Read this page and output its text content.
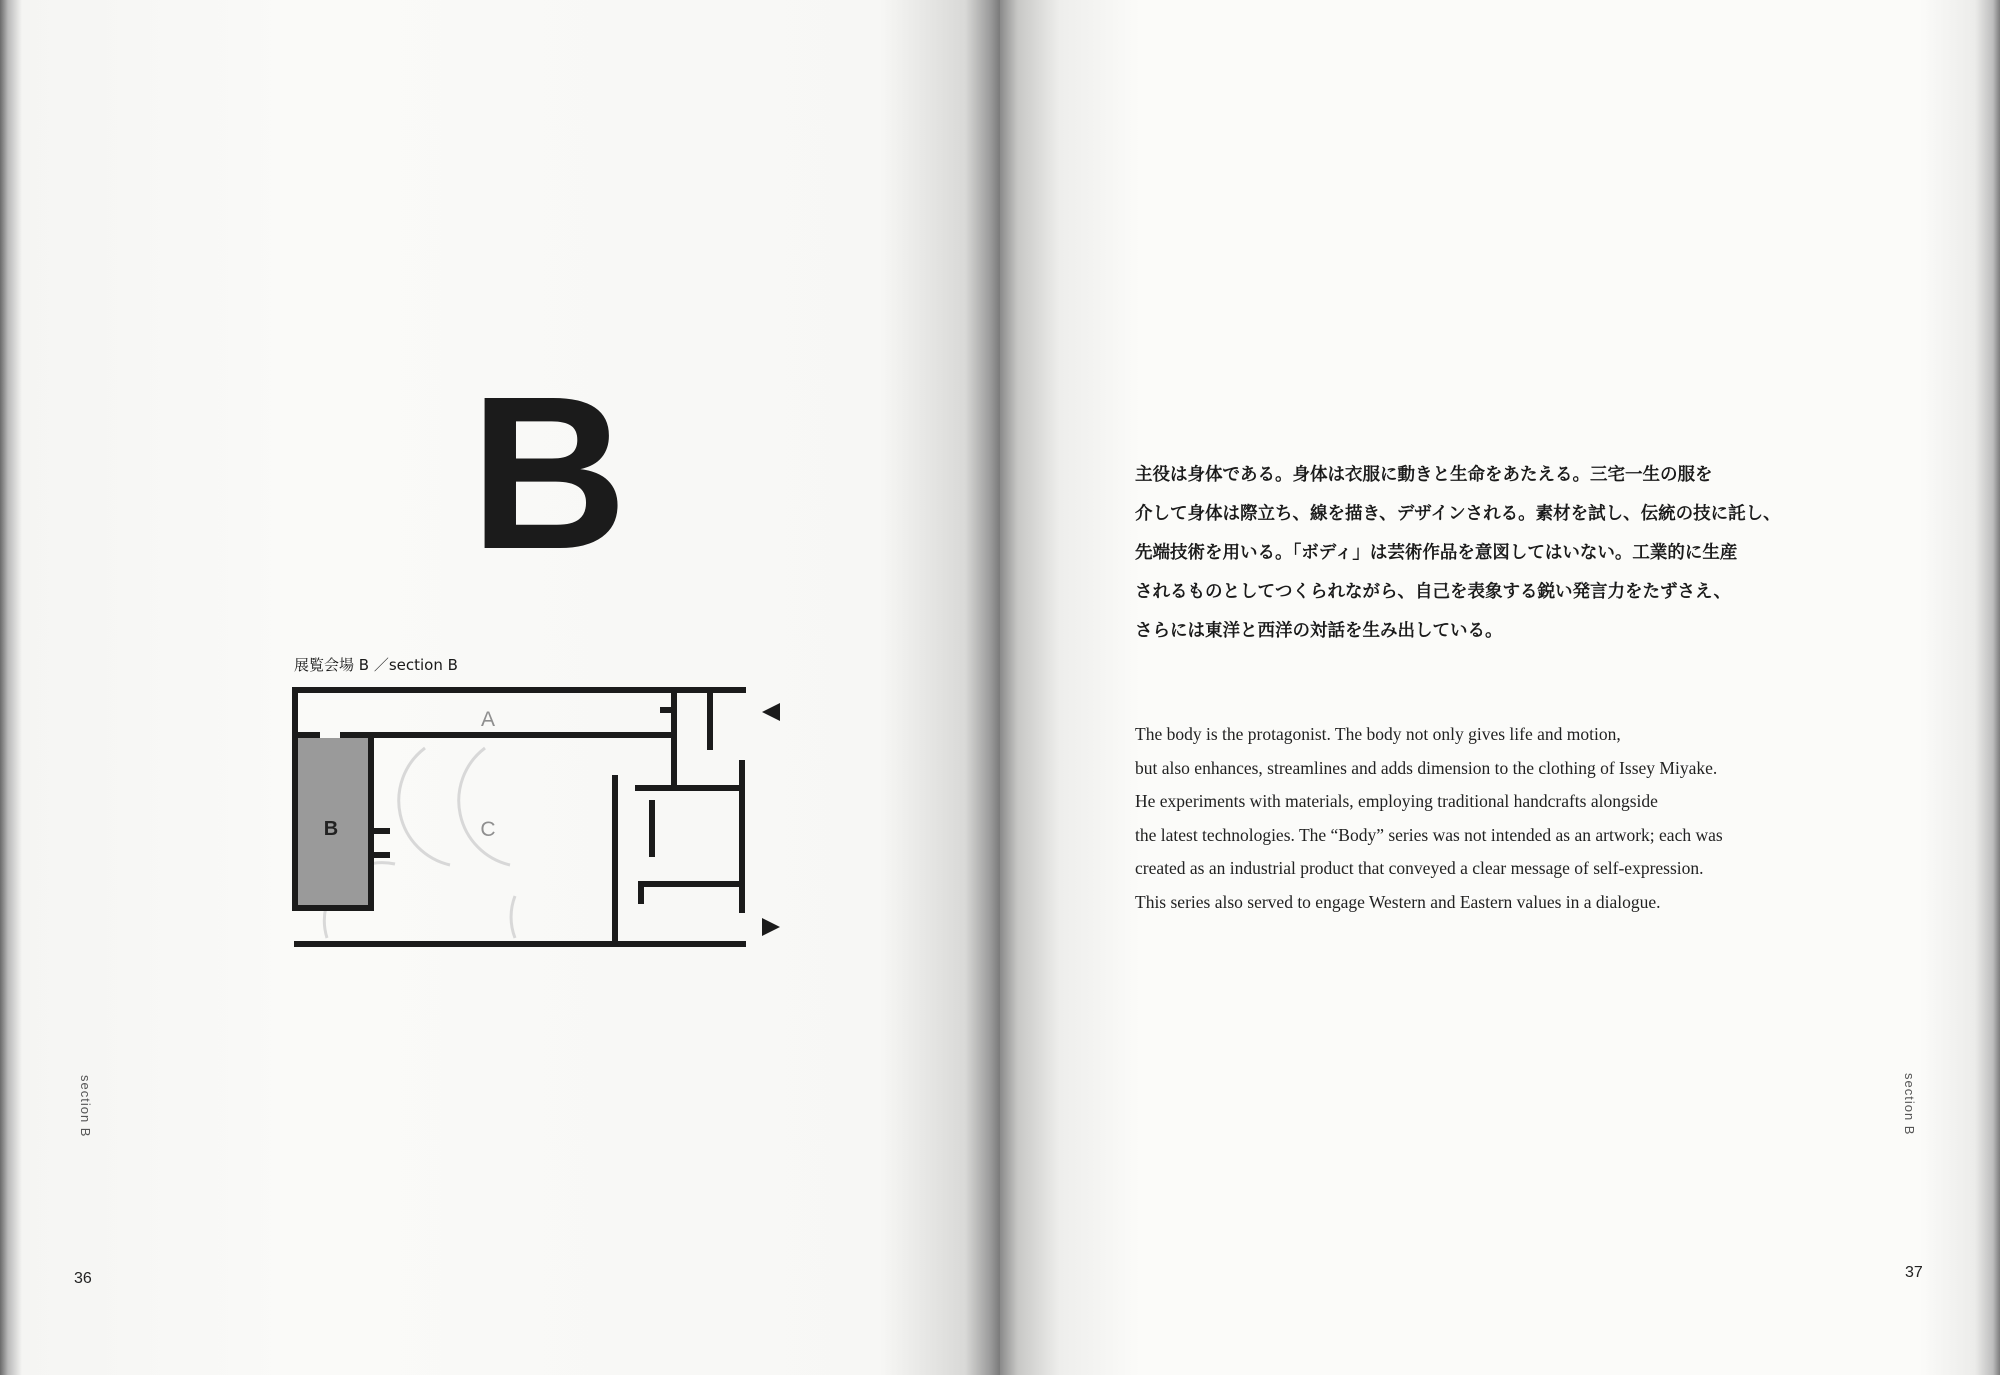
B
展覧会場 B ／section B
A
B	C
section B
36
主役は身体である。身体は衣服に動きと生命をあたえる。三宅一生の服を
介して身体は際立ち、線を描き、デザインされる。素材を試し、伝統の技に託し、
先端技術を用いる。「ボディ」は芸術作品を意図してはいない。工業的に生産
されるものとしてつくられながら、自己を表象する鋭い発言力をたずさえ、
さらには東洋と西洋の対話を生み出している。
The body is the protagonist. The body not only gives life and motion,
but also enhances, streamlines and adds dimension to the clothing of Issey Miyake.
He experiments with materials, employing traditional handcrafts alongside
the latest technologies. The “Body” series was not intended as an artwork; each was
created as an industrial product that conveyed a clear message of self-expression.
This series also served to engage Western and Eastern values in a dialogue.
section B
37
